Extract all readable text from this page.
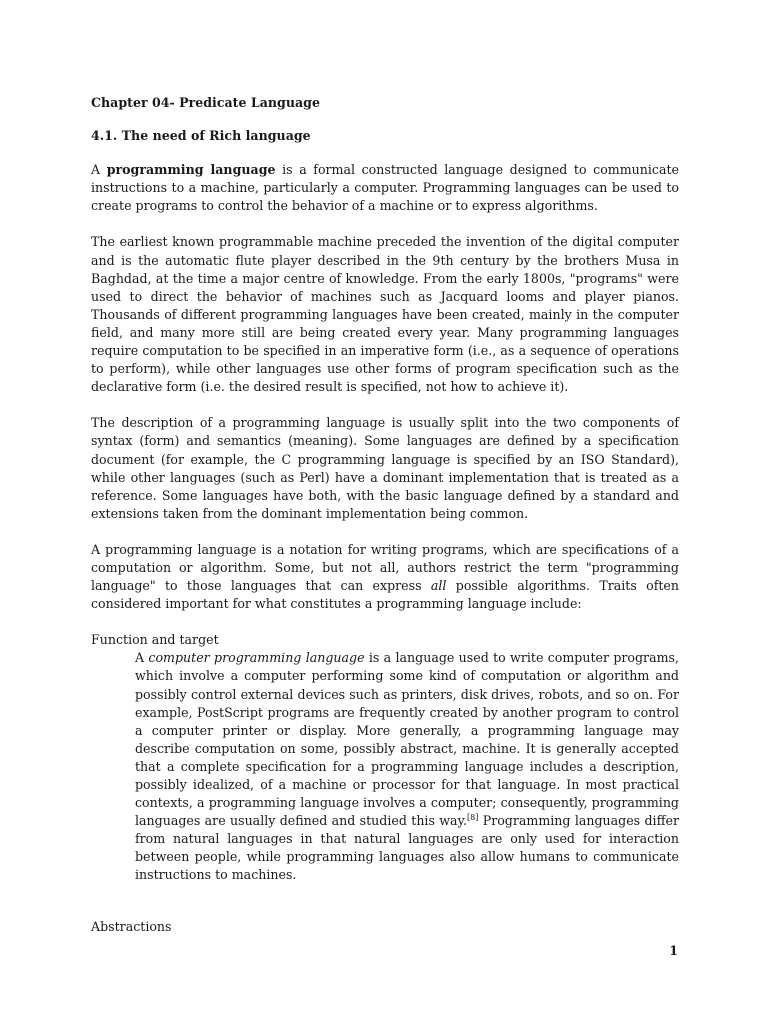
Chapter 04- Predicate Language

4.1. The need of Rich language

A programming language is a formal constructed language designed to communicate instructions to a machine, particularly a computer. Programming languages can be used to create programs to control the behavior of a machine or to express algorithms.

The earliest known programmable machine preceded the invention of the digital computer and is the automatic flute player described in the 9th century by the brothers Musa in Baghdad, at the time a major centre of knowledge. From the early 1800s, "programs" were used to direct the behavior of machines such as Jacquard looms and player pianos. Thousands of different programming languages have been created, mainly in the computer field, and many more still are being created every year. Many programming languages require computation to be specified in an imperative form (i.e., as a sequence of operations to perform), while other languages use other forms of program specification such as the declarative form (i.e. the desired result is specified, not how to achieve it).

The description of a programming language is usually split into the two components of syntax (form) and semantics (meaning). Some languages are defined by a specification document (for example, the C programming language is specified by an ISO Standard), while other languages (such as Perl) have a dominant implementation that is treated as a reference. Some languages have both, with the basic language defined by a standard and extensions taken from the dominant implementation being common.

A programming language is a notation for writing programs, which are specifications of a computation or algorithm. Some, but not all, authors restrict the term "programming language" to those languages that can express all possible algorithms. Traits often considered important for what constitutes a programming language include:

Function and target

A computer programming language is a language used to write computer programs, which involve a computer performing some kind of computation or algorithm and possibly control external devices such as printers, disk drives, robots, and so on. For example, PostScript programs are frequently created by another program to control a computer printer or display. More generally, a programming language may describe computation on some, possibly abstract, machine. It is generally accepted that a complete specification for a programming language includes a description, possibly idealized, of a machine or processor for that language. In most practical contexts, a programming language involves a computer; consequently, programming languages are usually defined and studied this way.[8] Programming languages differ from natural languages in that natural languages are only used for interaction between people, while programming languages also allow humans to communicate instructions to machines.

Abstractions

1
